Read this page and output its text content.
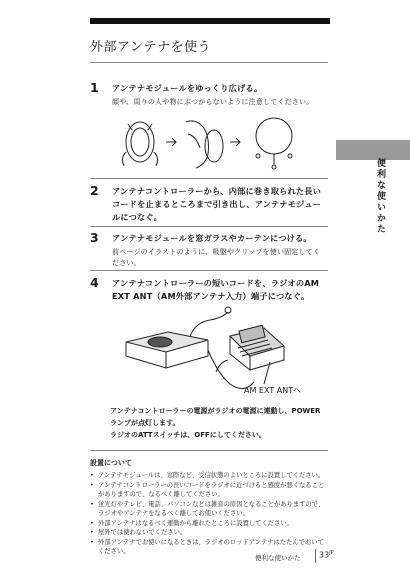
外部アンテナを使う
1 アンテナモジュールをゆっくり広げる。
顔や、周りの人や物にぶつからないように注意してください。
2 アンテナコントローラーから、内部に巻き取られた長いコードを止まるところまで引き出し、アンテナモジュールにつなぐ。
3 アンテナモジュールを窓ガラスやカーテンにつける。
前ページのイラストのように、吸盤やクリップを使い固定してください。
4 アンテナコントローラーの短いコードを、ラジオのAM EXT ANT（AM外部アンテナ入力）端子につなぐ。
AM EXT ANTへ
アンテナコントローラーの電源がラジオの電源に連動し、POWERランプが点灯します。
ラジオのATTスイッチは、OFFにしてください。
設置について
• アンテナモジュールは、窓際など、受信状態のよいところに設置してください。
• アンテナコントローラーの長いコードをラジオに近づけると感度が悪くなることがありますので、なるべく離してください。
• 蛍光灯やテレビ、電話、パソコンなどは雑音の原因となることがありますので、ラジオやアンテナをなるべく離してお使いください。
• 外部アンテナはなるべく運動から離れたところに設置してください。
• 屋外では使わないでください。
• 外部アンテナでお使いになるときは、ラジオのロッドアンテナはたたんでおいてください。
便利な使いかた
便利な使いかた $33^{JP}$
